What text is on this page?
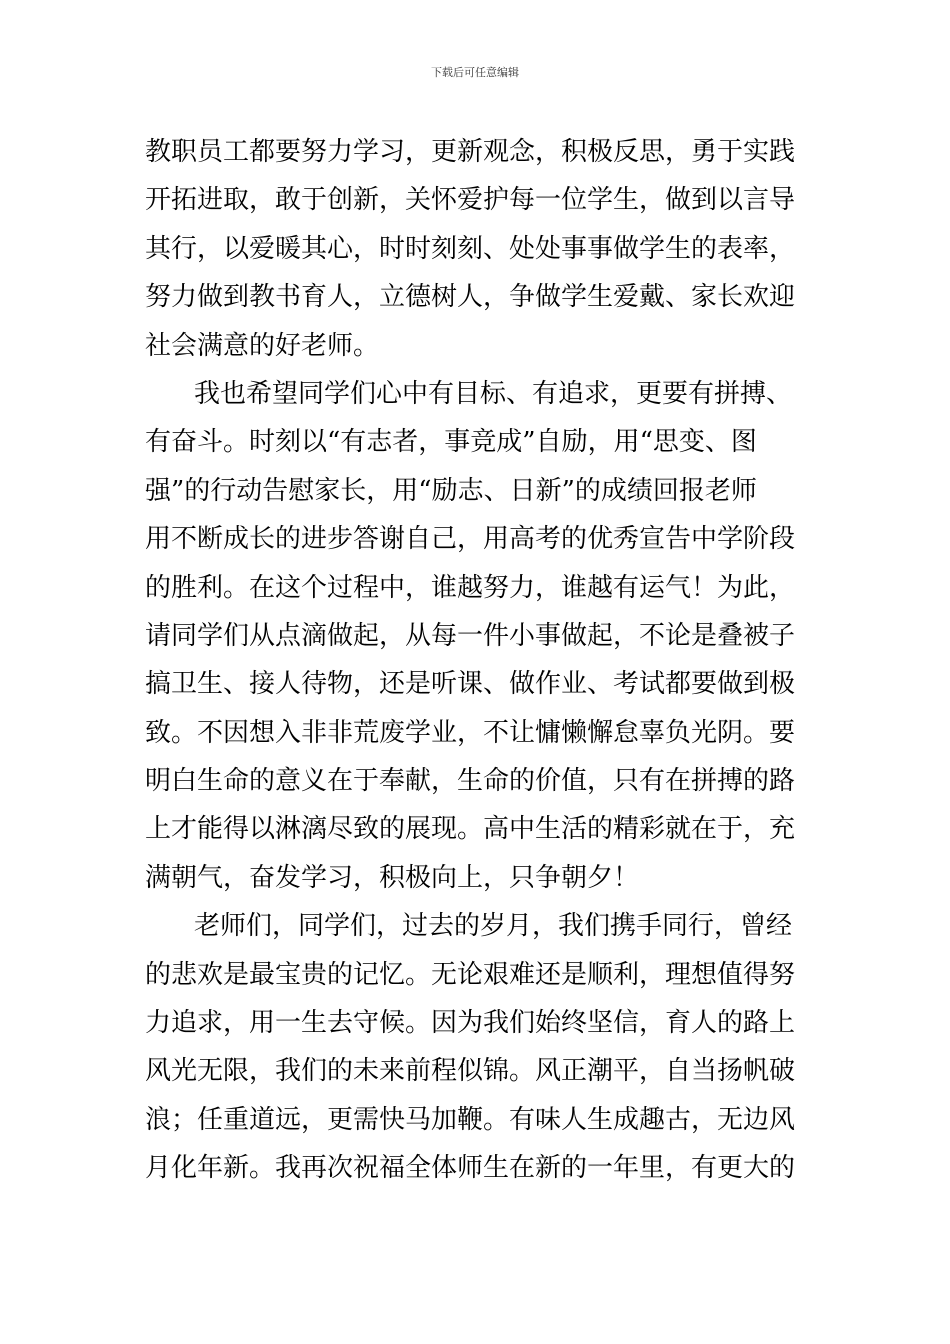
下载后可任意编辑
教职员工都要努力学习，更新观念，积极反思，勇于实践
开拓进取，敢于创新，关怀爱护每一位学生，做到以言导
其行，以爱暖其心，时时刻刻、处处事事做学生的表率，
努力做到教书育人，立德树人，争做学生爱戴、家长欢迎
社会满意的好老师。
我也希望同学们心中有目标、有追求，更要有拼搏、
有奋斗。时刻以“有志者，事竞成”自励，用“思变、图
强”的行动告慰家长，用“励志、日新”的成绩回报老师
用不断成长的进步答谢自己，用高考的优秀宣告中学阶段
的胜利。在这个过程中，谁越努力，谁越有运气！为此，
请同学们从点滴做起，从每一件小事做起，不论是叠被子
搞卫生、接人待物，还是听课、做作业、考试都要做到极
致。不因想入非非荒废学业，不让慵懒懈怠辜负光阴。要
明白生命的意义在于奉献，生命的价值，只有在拼搏的路
上才能得以淋漓尽致的展现。高中生活的精彩就在于，充
满朝气，奋发学习，积极向上，只争朝夕！
老师们，同学们，过去的岁月，我们携手同行，曾经
的悲欢是最宝贵的记忆。无论艰难还是顺利，理想值得努
力追求，用一生去守候。因为我们始终坚信，育人的路上
风光无限，我们的未来前程似锦。风正潮平，自当扬帆破
浪；任重道远，更需快马加鞭。有味人生成趣古，无边风
月化年新。我再次祝福全体师生在新的一年里，有更大的
